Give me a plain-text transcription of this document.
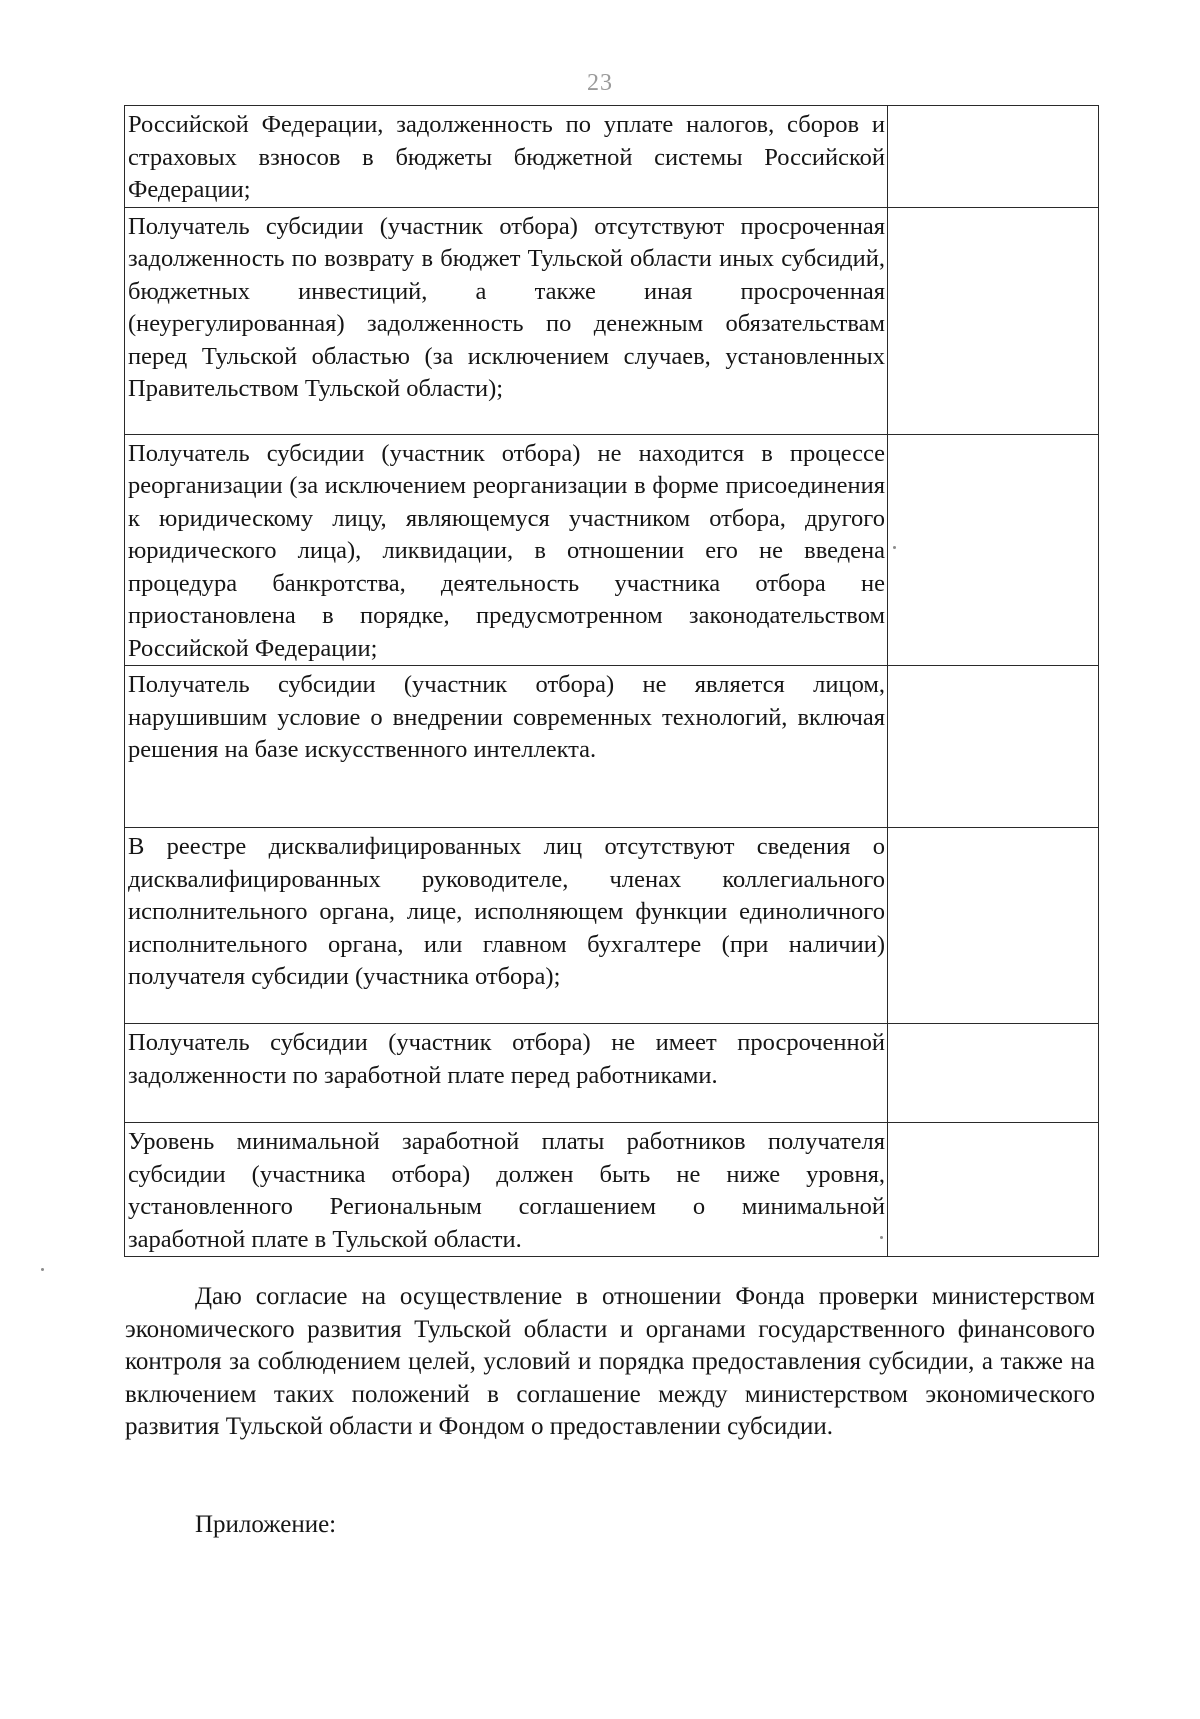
23
Российской Федерации, задолженность по уплате налогов, сборов и страховых взносов в бюджеты бюджетной системы Российской Федерации;	
Получатель субсидии (участник отбора) отсутствуют просроченная задолженность по возврату в бюджет Тульской области иных субсидий, бюджетных инвестиций, а также иная просроченная (неурегулированная) задолженность по денежным обязательствам перед Тульской областью (за исключением случаев, установленных Правительством Тульской области);	
Получатель субсидии (участник отбора) не находится в процессе реорганизации (за исключением реорганизации в форме присоединения к юридическому лицу, являющемуся участником отбора, другого юридического лица), ликвидации, в отношении его не введена процедура банкротства, деятельность участника отбора не приостановлена в порядке, предусмотренном законодательством Российской Федерации;	
Получатель субсидии (участник отбора) не является лицом, нарушившим условие о внедрении современных технологий, включая решения на базе искусственного интеллекта.	
В реестре дисквалифицированных лиц отсутствуют сведения о дисквалифицированных руководителе, членах коллегиального исполнительного органа, лице, исполняющем функции единоличного исполнительного органа, или главном бухгалтере (при наличии) получателя субсидии (участника отбора);	
Получатель субсидии (участник отбора) не имеет просроченной задолженности по заработной плате перед работниками.	
Уровень минимальной заработной платы работников получателя субсидии (участника отбора) должен быть не ниже уровня, установленного Региональным соглашением о минимальной заработной плате в Тульской области.	

Даю согласие на осуществление в отношении Фонда проверки министерством экономического развития Тульской области и органами государственного финансового контроля за соблюдением целей, условий и порядка предоставления субсидии, а также на включением таких положений в соглашение между министерством экономического развития Тульской области и Фондом о предоставлении субсидии.

Приложение:
